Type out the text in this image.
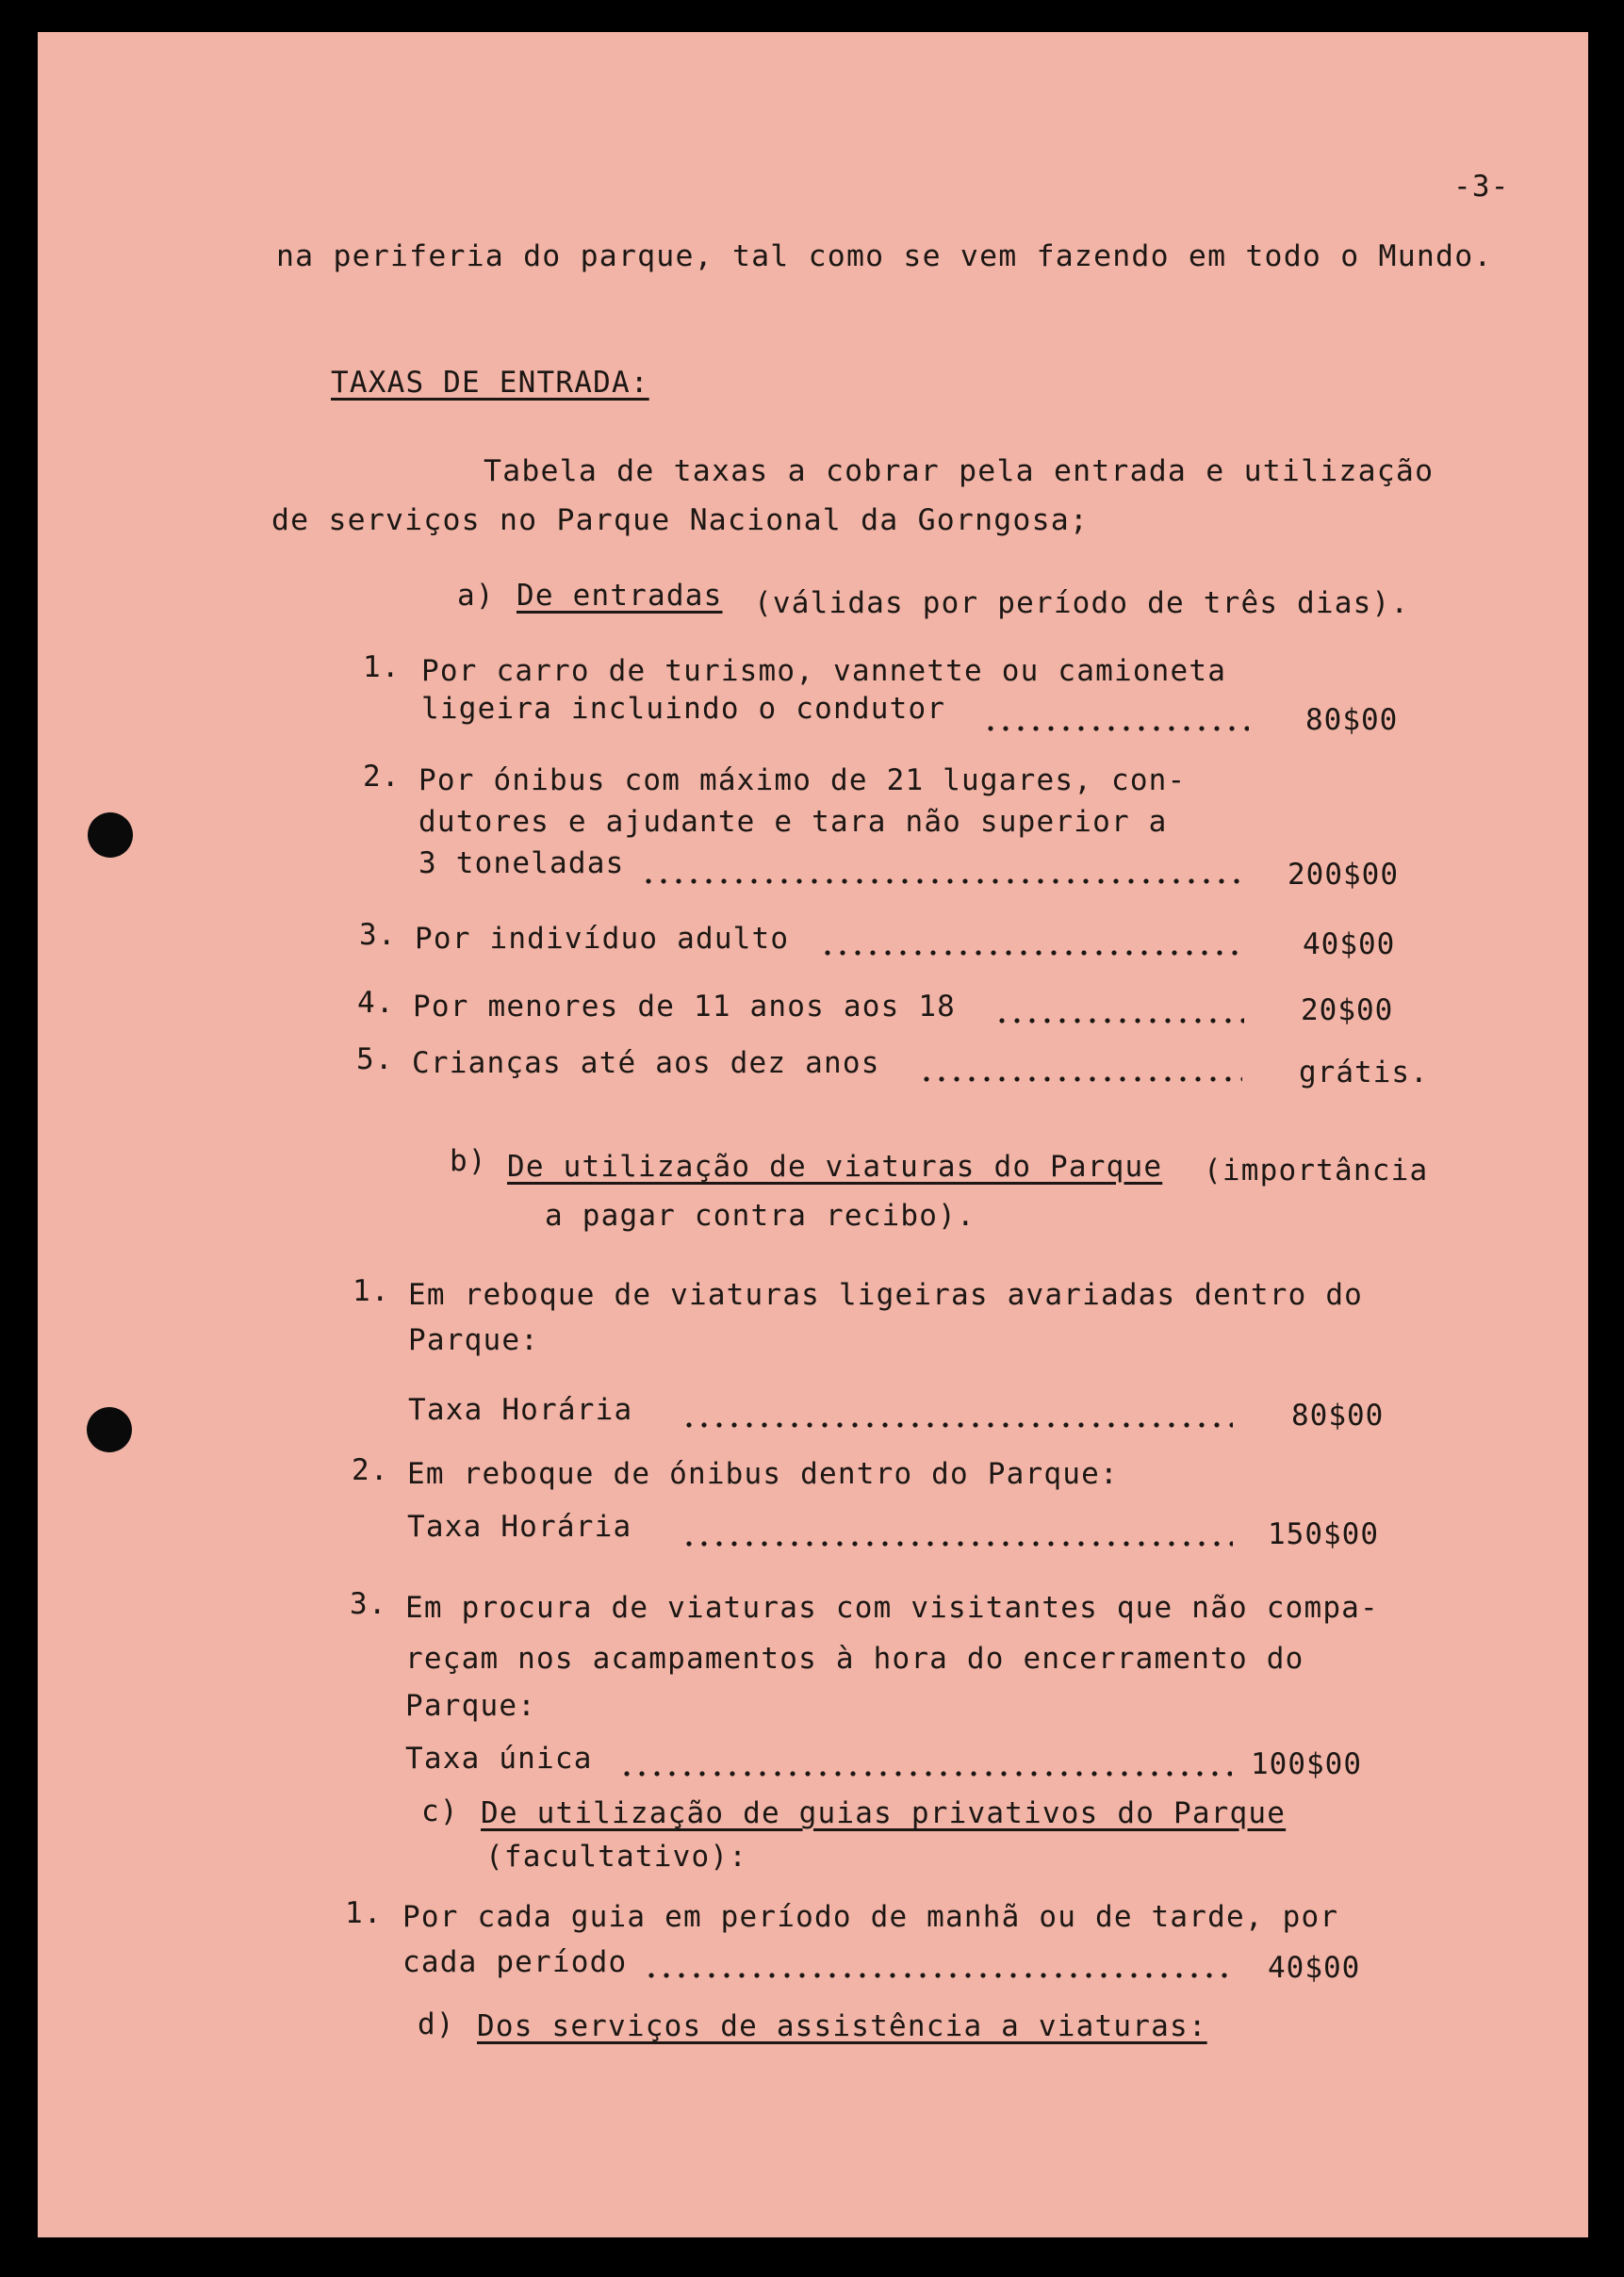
-3-
na periferia do parque, tal como se vem fazendo em todo o Mundo.
TAXAS DE ENTRADA:
Tabela de taxas a cobrar pela entrada e utilização
de serviços no Parque Nacional da Gorngosa;
a) De entradas (válidas por período de três dias).
1. Por carro de turismo, vannette ou camioneta
ligeira incluindo o condutor	80$00
2. Por ónibus com máximo de 21 lugares, con-
dutores e ajudante e tara não superior a
3 toneladas	200$00
3. Por indivíduo adulto	40$00
4. Por menores de 11 anos aos 18	20$00
5. Crianças até aos dez anos	grátis.
b) De utilização de viaturas do Parque (importância
a pagar contra recibo).
1. Em reboque de viaturas ligeiras avariadas dentro do
Parque:
Taxa Horária	80$00
2. Em reboque de ónibus dentro do Parque:
Taxa Horária	150$00
3. Em procura de viaturas com visitantes que não compa-
reçam nos acampamentos à hora do encerramento do
Parque:
Taxa única	100$00
c) De utilização de guias privativos do Parque
(facultativo):
1. Por cada guia em período de manhã ou de tarde, por
cada período	40$00
d) Dos serviços de assistência a viaturas:
